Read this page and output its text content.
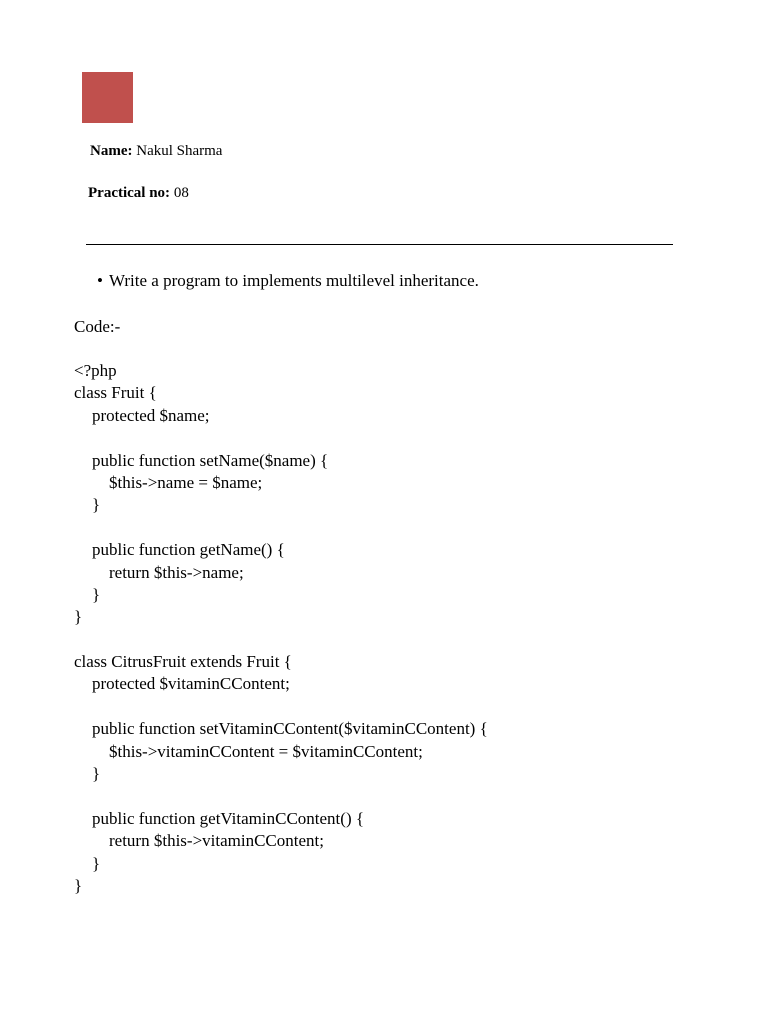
Name: Nakul Sharma
Practical no: 08
• Write a program to implements multilevel inheritance.
Code:-
<?php
class Fruit {
protected $name;
public function setName($name) {
$this->name = $name;
}
public function getName() {
return $this->name;
}
}
class CitrusFruit extends Fruit {
protected $vitaminCContent;
public function setVitaminCContent($vitaminCContent) {
$this->vitaminCContent = $vitaminCContent;
}
public function getVitaminCContent() {
return $this->vitaminCContent;
}
}
